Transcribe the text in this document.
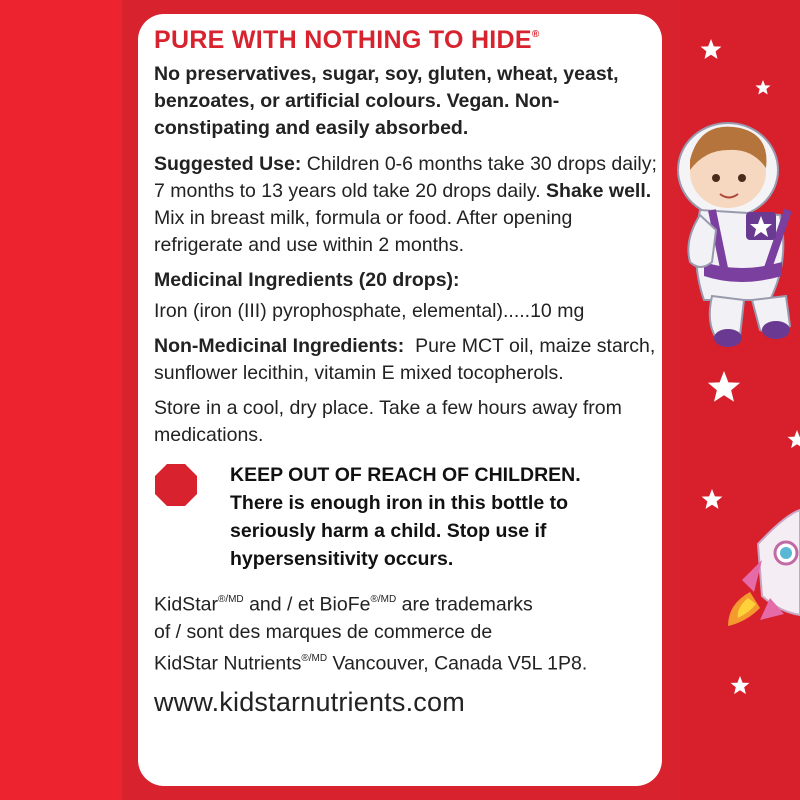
PURE WITH NOTHING TO HIDE®
No preservatives, sugar, soy, gluten, wheat, yeast, benzoates, or artificial colours. Vegan. Non-constipating and easily absorbed.
Suggested Use: Children 0-6 months take 30 drops daily; 7 months to 13 years old take 20 drops daily. Shake well. Mix in breast milk, formula or food. After opening refrigerate and use within 2 months.
Medicinal Ingredients (20 drops):
Iron (iron (III) pyrophosphate, elemental).....10 mg
Non-Medicinal Ingredients:  Pure MCT oil, maize starch, sunflower lecithin, vitamin E mixed tocopherols.
Store in a cool, dry place. Take a few hours away from medications.
KEEP OUT OF REACH OF CHILDREN.
There is enough iron in this bottle to
seriously harm a child. Stop use if
hypersensitivity occurs.
KidStar$^{®/MD}$ and / et BioFe$^{®/MD}$ are trademarks
of / sont des marques de commerce de
KidStar Nutrients$^{®/MD}$ Vancouver, Canada V5L 1P8.
www.kidstarnutrients.com
